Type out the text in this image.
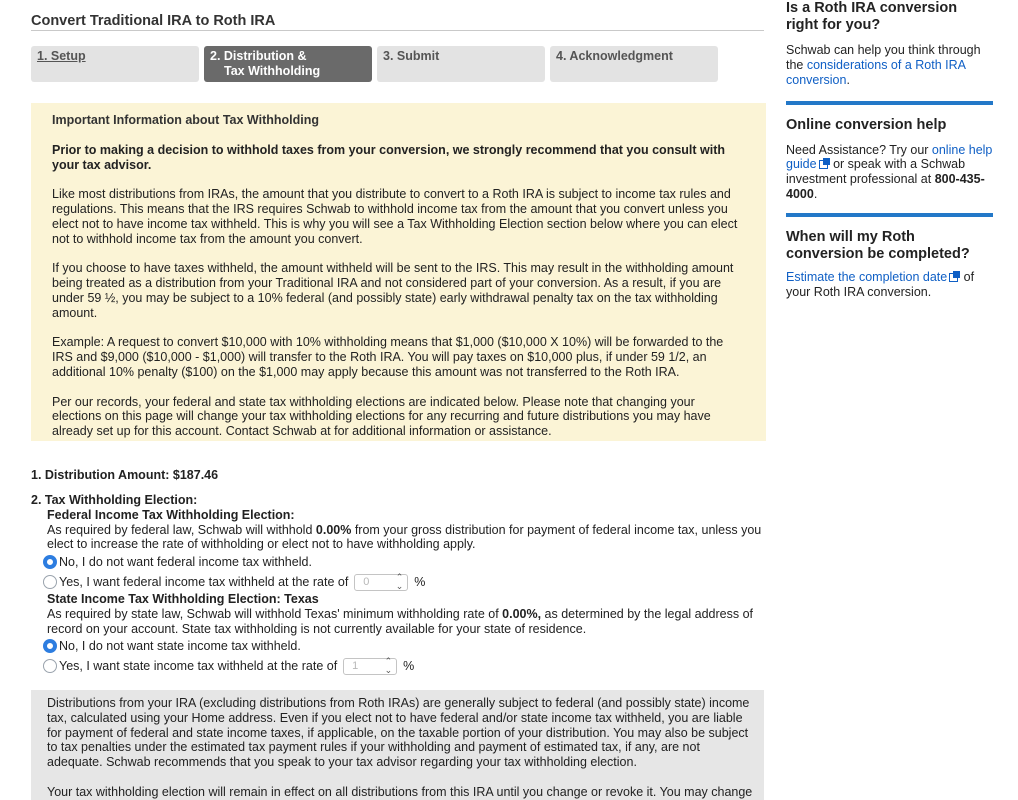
Convert Traditional IRA to Roth IRA
1. Setup	2. Distribution &
Tax Withholding
3. Submit	4. Acknowledgment

Important Information about Tax Withholding

Prior to making a decision to withhold taxes from your conversion, we strongly recommend that you consult with your tax advisor.

Like most distributions from IRAs, the amount that you distribute to convert to a Roth IRA is subject to income tax rules and regulations. This means that the IRS requires Schwab to withhold income tax from the amount that you convert unless you elect not to have income tax withheld. This is why you will see a Tax Withholding Election section below where you can elect not to withhold income tax from the amount you convert.

If you choose to have taxes withheld, the amount withheld will be sent to the IRS. This may result in the withholding amount being treated as a distribution from your Traditional IRA and not considered part of your conversion. As a result, if you are under 59 ½, you may be subject to a 10% federal (and possibly state) early withdrawal penalty tax on the tax withholding amount.

Example: A request to convert $10,000 with 10% withholding means that $1,000 ($10,000 X 10%) will be forwarded to the IRS and $9,000 ($10,000 - $1,000) will transfer to the Roth IRA. You will pay taxes on $10,000 plus, if under 59 1/2, an additional 10% penalty ($100) on the $1,000 may apply because this amount was not transferred to the Roth IRA.

Per our records, your federal and state tax withholding elections are indicated below. Please note that changing your elections on this page will change your tax withholding elections for any recurring and future distributions you may have already set up for this account. Contact Schwab at for additional information or assistance.

1. Distribution Amount: $187.46
2. Tax Withholding Election:
Federal Income Tax Withholding Election:
As required by federal law, Schwab will withhold 0.00% from your gross distribution for payment of federal income tax, unless you elect to increase the rate of withholding or elect not to have withholding apply.
No, I do not want federal income tax withheld.
Yes, I want federal income tax withheld at the rate of 0	⌃
⌄ %
State Income Tax Withholding Election: Texas
As required by state law, Schwab will withhold Texas' minimum withholding rate of 0.00%, as determined by the legal address of record on your account. State tax withholding is not currently available for your state of residence.
No, I do not want state income tax withheld.
Yes, I want state income tax withheld at the rate of 1	⌃
⌄ %

Distributions from your IRA (excluding distributions from Roth IRAs) are generally subject to federal (and possibly state) income tax, calculated using your Home address. Even if you elect not to have federal and/or state income tax withheld, you are liable for payment of federal and state income taxes, if applicable, on the taxable portion of your distribution. You may also be subject to tax penalties under the estimated tax payment rules if your withholding and payment of estimated tax, if any, are not adequate. Schwab recommends that you speak to your tax advisor regarding your tax withholding election.

Your tax withholding election will remain in effect on all distributions from this IRA until you change or revoke it. You may change

Is a Roth IRA conversion right for you?

Schwab can help you think through the considerations of a Roth IRA conversion.

Online conversion help

Need Assistance? Try our online help guide or speak with a Schwab investment professional at 800-435-4000.

When will my Roth conversion be completed?

Estimate the completion date of your Roth IRA conversion.
